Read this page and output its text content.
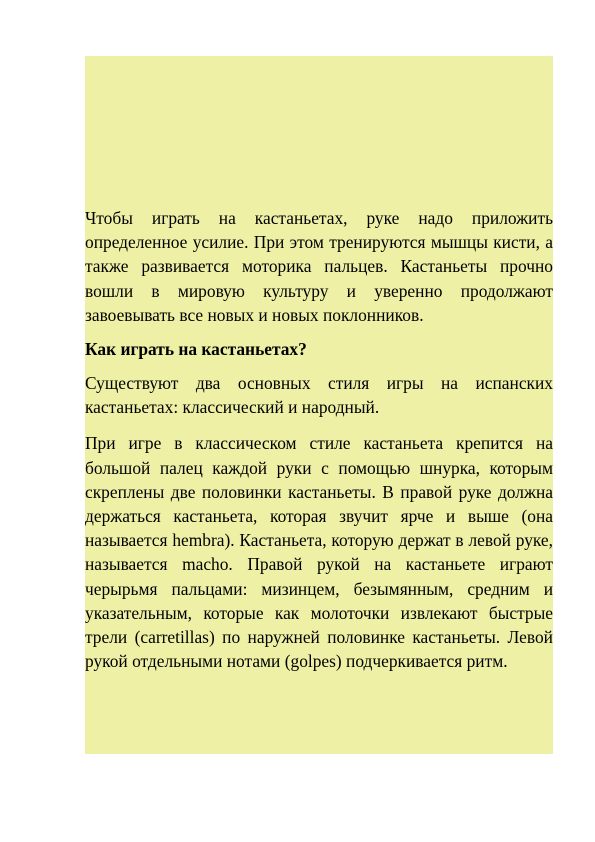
Чтобы играть на кастаньетах, руке надо приложить определенное усилие. При этом тренируются мышцы кисти, а также развивается моторика пальцев. Кастаньеты прочно вошли в мировую культуру и уверенно продолжают завоевывать все новых и новых поклонников.

Как играть на кастаньетах?

Существуют два основных стиля игры на испанских кастаньетах: классический и народный.

При игре в классическом стиле кастаньета крепится на большой палец каждой руки с помощью шнурка, которым скреплены две половинки кастаньеты. В правой руке должна держаться кастаньета, которая звучит ярче и выше (она называется hembra). Кастаньета, которую держат в левой руке, называется macho. Правой рукой на кастаньете играют черырьмя пальцами: мизинцем, безымянным, средним и указательным, которые как молоточки извлекают быстрые трели (carretillas) по наружней половинке кастаньеты. Левой рукой отдельными нотами (golpes) подчеркивается ритм.
